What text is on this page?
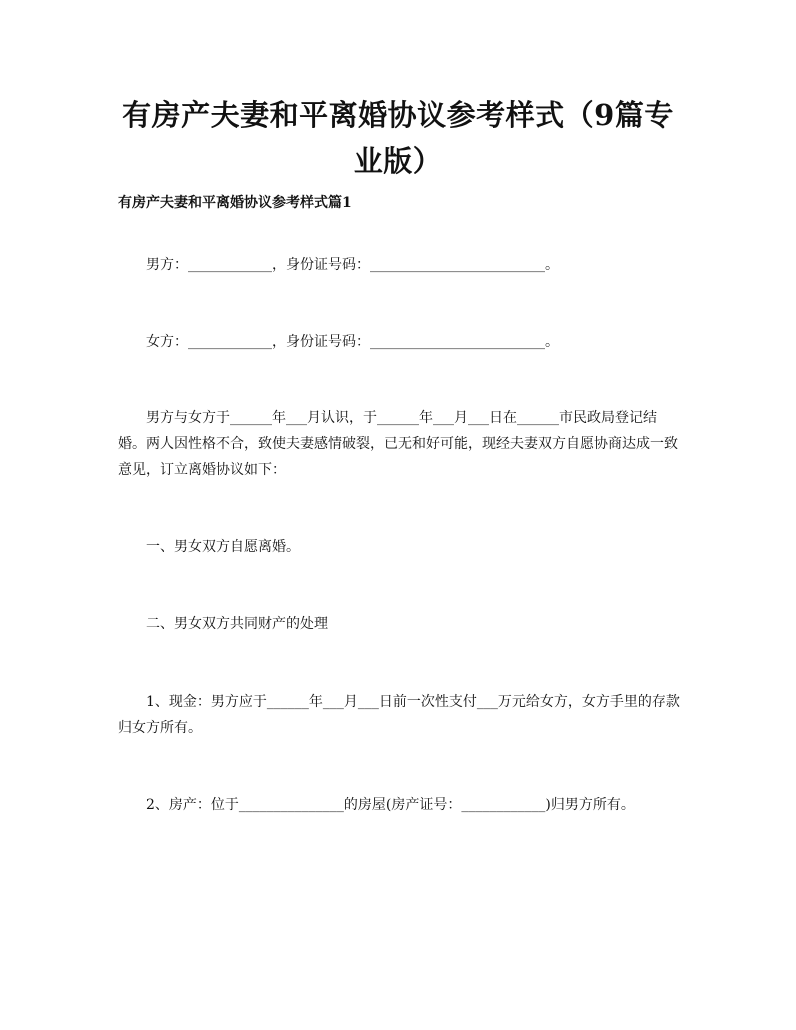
有房产夫妻和平离婚协议参考样式（9篇专业版）
有房产夫妻和平离婚协议参考样式篇1

男方：____________，身份证号码：_________________________。

女方：____________，身份证号码：_________________________。

男方与女方于______年___月认识，于______年___月___日在______市民政局登记结婚。两人因性格不合，致使夫妻感情破裂，已无和好可能，现经夫妻双方自愿协商达成一致意见，订立离婚协议如下：

一、男女双方自愿离婚。

二、男女双方共同财产的处理

1、现金：男方应于______年___月___日前一次性支付___万元给女方，女方手里的存款归女方所有。

2、房产：位于_______________的房屋(房产证号：____________)归男方所有。
